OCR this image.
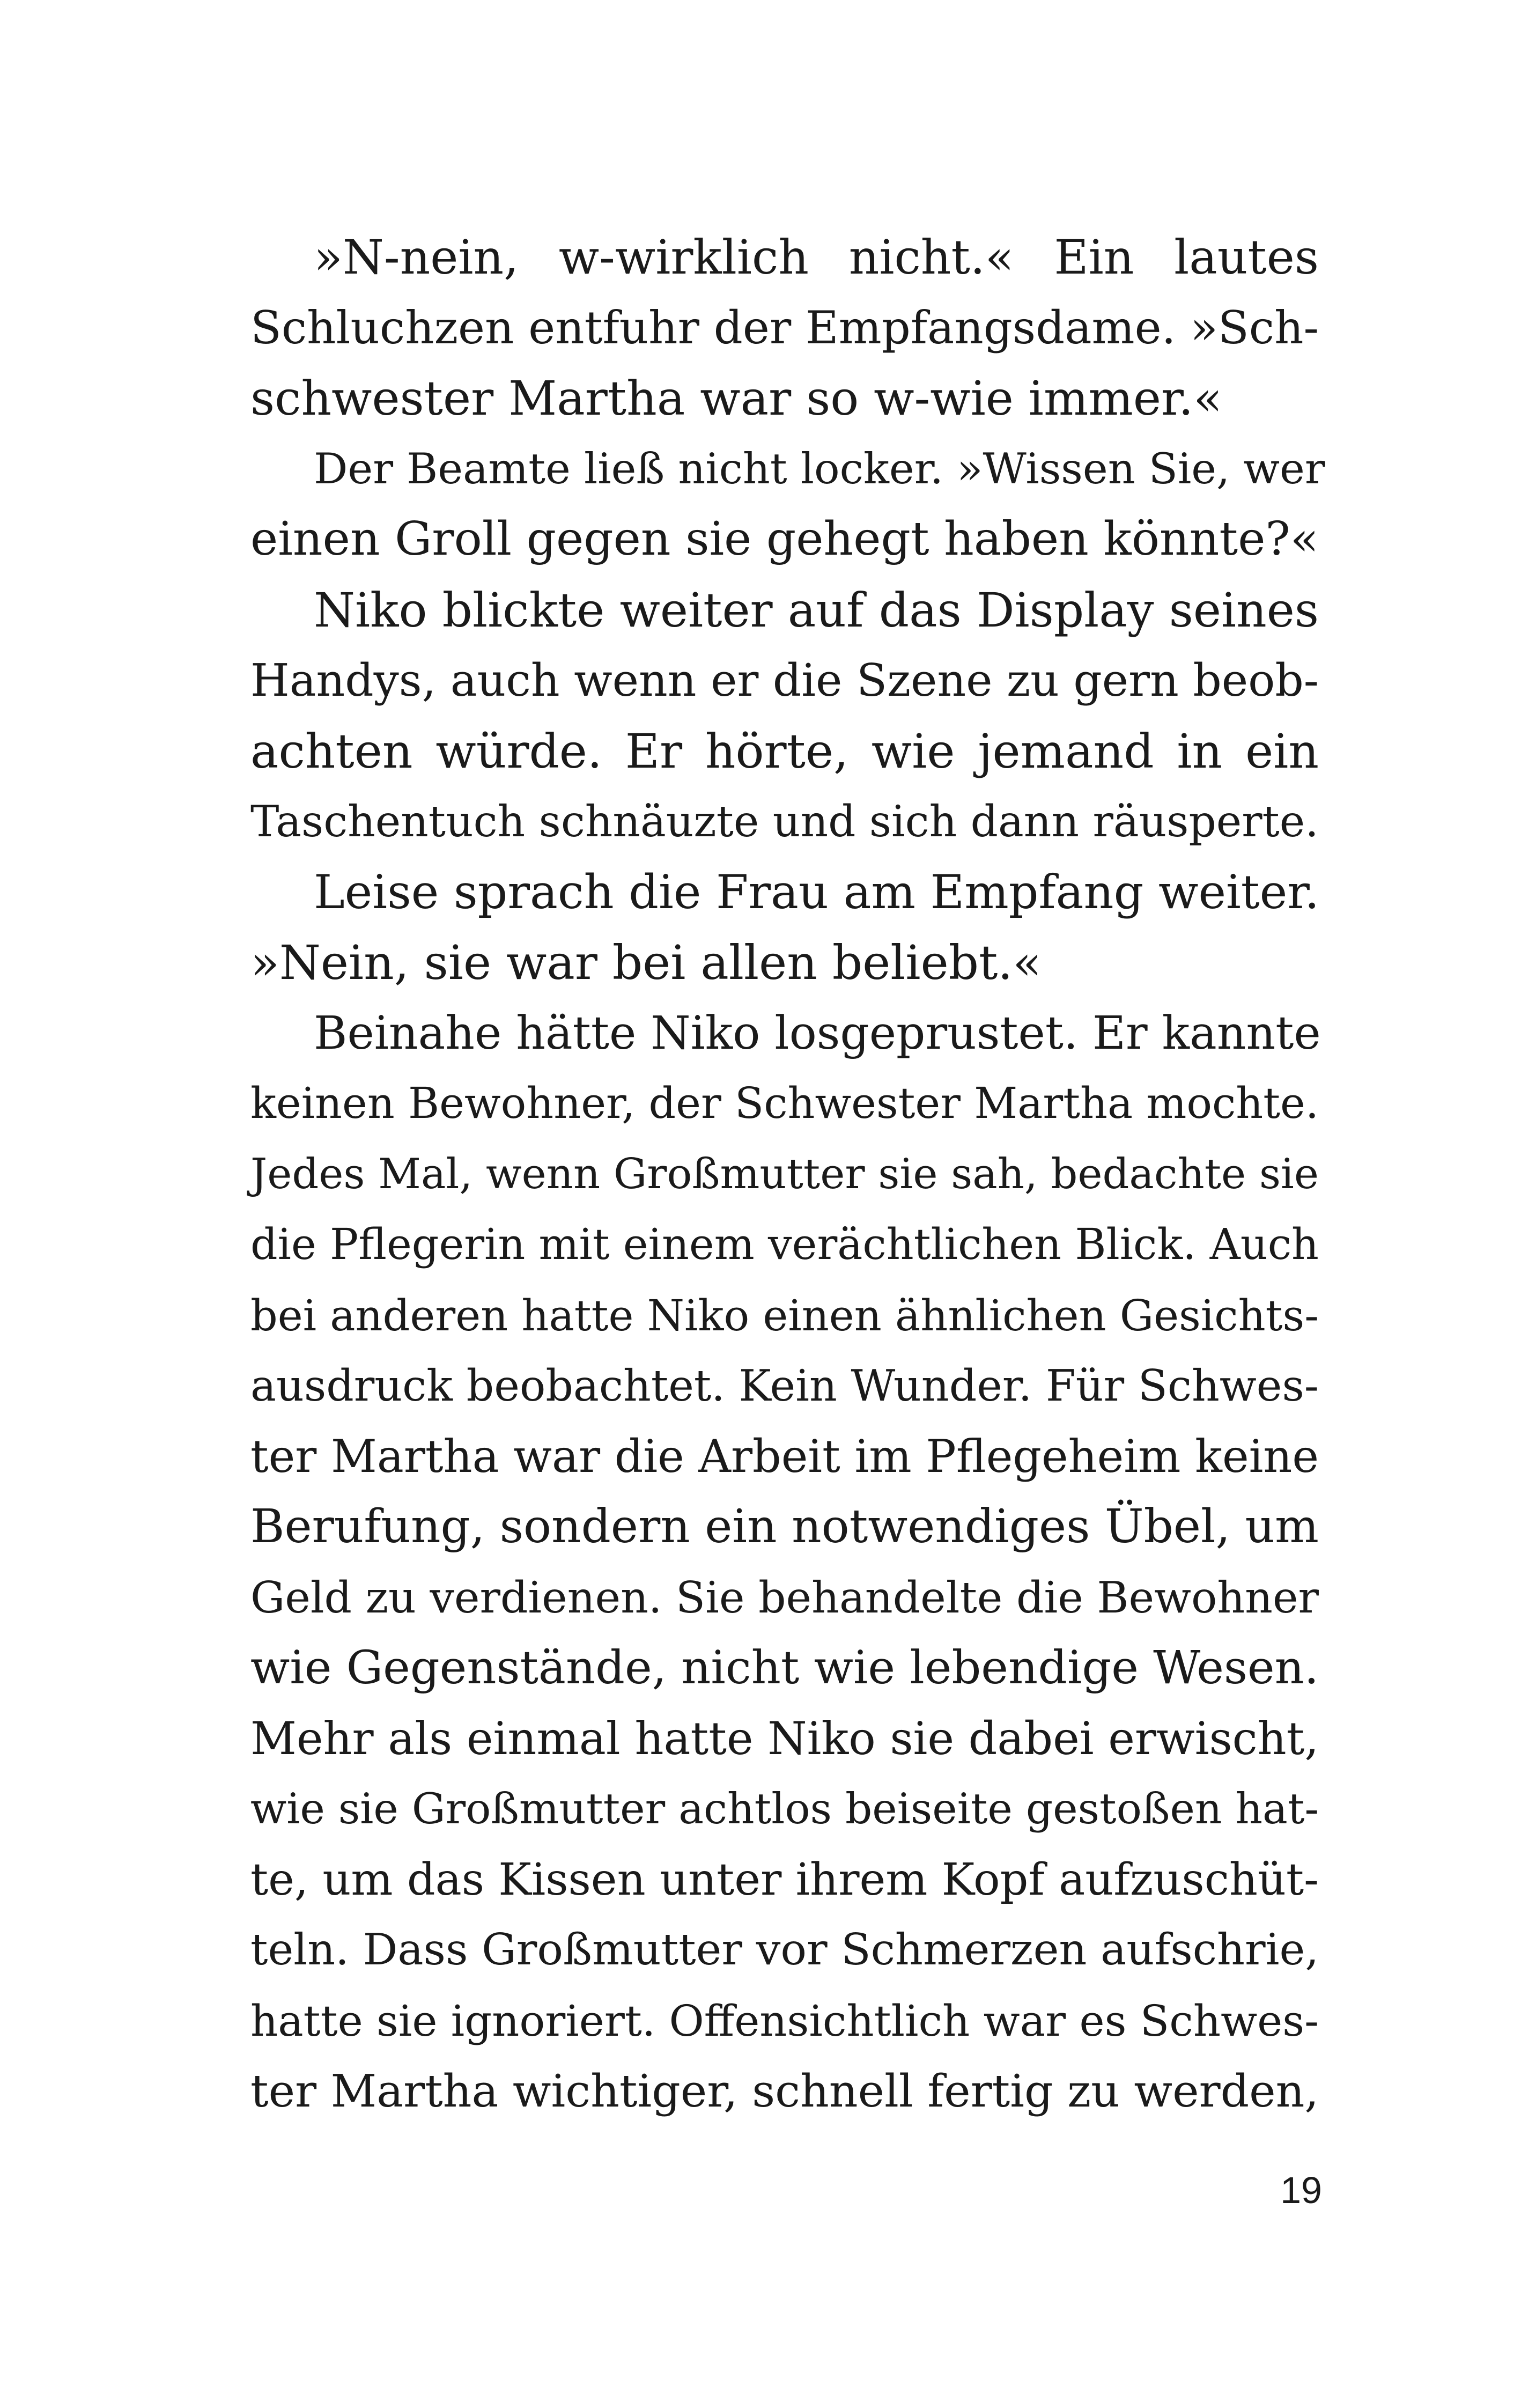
»N-nein, w-wirklich nicht.« Ein lautes
Schluchzen entfuhr der Empfangsdame. »Sch-
schwester Martha war so w-wie immer.«
Der Beamte ließ nicht locker. »Wissen Sie, wer
einen Groll gegen sie gehegt haben könnte?«
Niko blickte weiter auf das Display seines
Handys, auch wenn er die Szene zu gern beob-
achten würde. Er hörte, wie jemand in ein
Taschentuch schnäuzte und sich dann räusperte.
Leise sprach die Frau am Empfang weiter.
»Nein, sie war bei allen beliebt.«
Beinahe hätte Niko losgeprustet. Er kannte
keinen Bewohner, der Schwester Martha mochte.
Jedes Mal, wenn Großmutter sie sah, bedachte sie
die Pflegerin mit einem verächtlichen Blick. Auch
bei anderen hatte Niko einen ähnlichen Gesichts-
ausdruck beobachtet. Kein Wunder. Für Schwes-
ter Martha war die Arbeit im Pflegeheim keine
Berufung, sondern ein notwendiges Übel, um
Geld zu verdienen. Sie behandelte die Bewohner
wie Gegenstände, nicht wie lebendige Wesen.
Mehr als einmal hatte Niko sie dabei erwischt,
wie sie Großmutter achtlos beiseite gestoßen hat-
te, um das Kissen unter ihrem Kopf aufzuschüt-
teln. Dass Großmutter vor Schmerzen aufschrie,
hatte sie ignoriert. Offensichtlich war es Schwes-
ter Martha wichtiger, schnell fertig zu werden,
19
